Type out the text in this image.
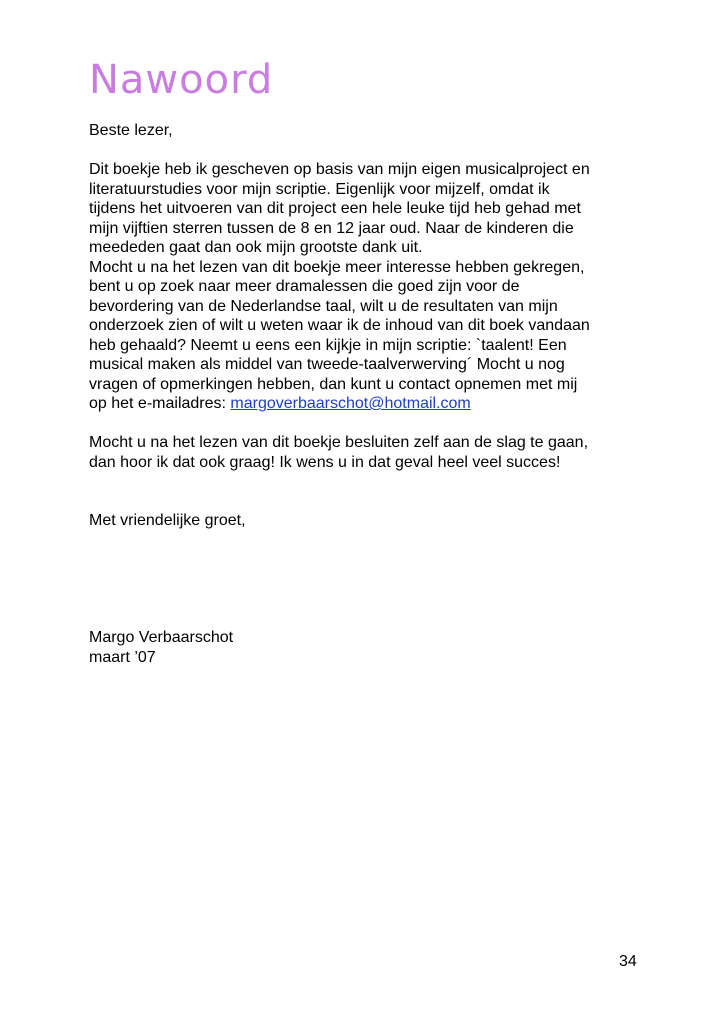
Nawoord

Beste lezer,

Dit boekje heb ik gescheven op basis van mijn eigen musicalproject en

literatuurstudies voor mijn scriptie. Eigenlijk voor mijzelf, omdat ik

tijdens het uitvoeren van dit project een hele leuke tijd heb gehad met

mijn vijftien sterren tussen de 8 en 12 jaar oud. Naar de kinderen die

meededen gaat dan ook mijn grootste dank uit.

Mocht u na het lezen van dit boekje meer interesse hebben gekregen,

bent u op zoek naar meer dramalessen die goed zijn voor de

bevordering van de Nederlandse taal, wilt u de resultaten van mijn

onderzoek zien of wilt u weten waar ik de inhoud van dit boek vandaan

heb gehaald? Neemt u eens een kijkje in mijn scriptie: `taalent! Een

musical maken als middel van tweede-taalverwerving´ Mocht u nog

vragen of opmerkingen hebben, dan kunt u contact opnemen met mij

op het e-mailadres: margoverbaarschot@hotmail.com

Mocht u na het lezen van dit boekje besluiten zelf aan de slag te gaan,

dan hoor ik dat ook graag! Ik wens u in dat geval heel veel succes!

Met vriendelijke groet,

Margo Verbaarschot

maart ’07

34
